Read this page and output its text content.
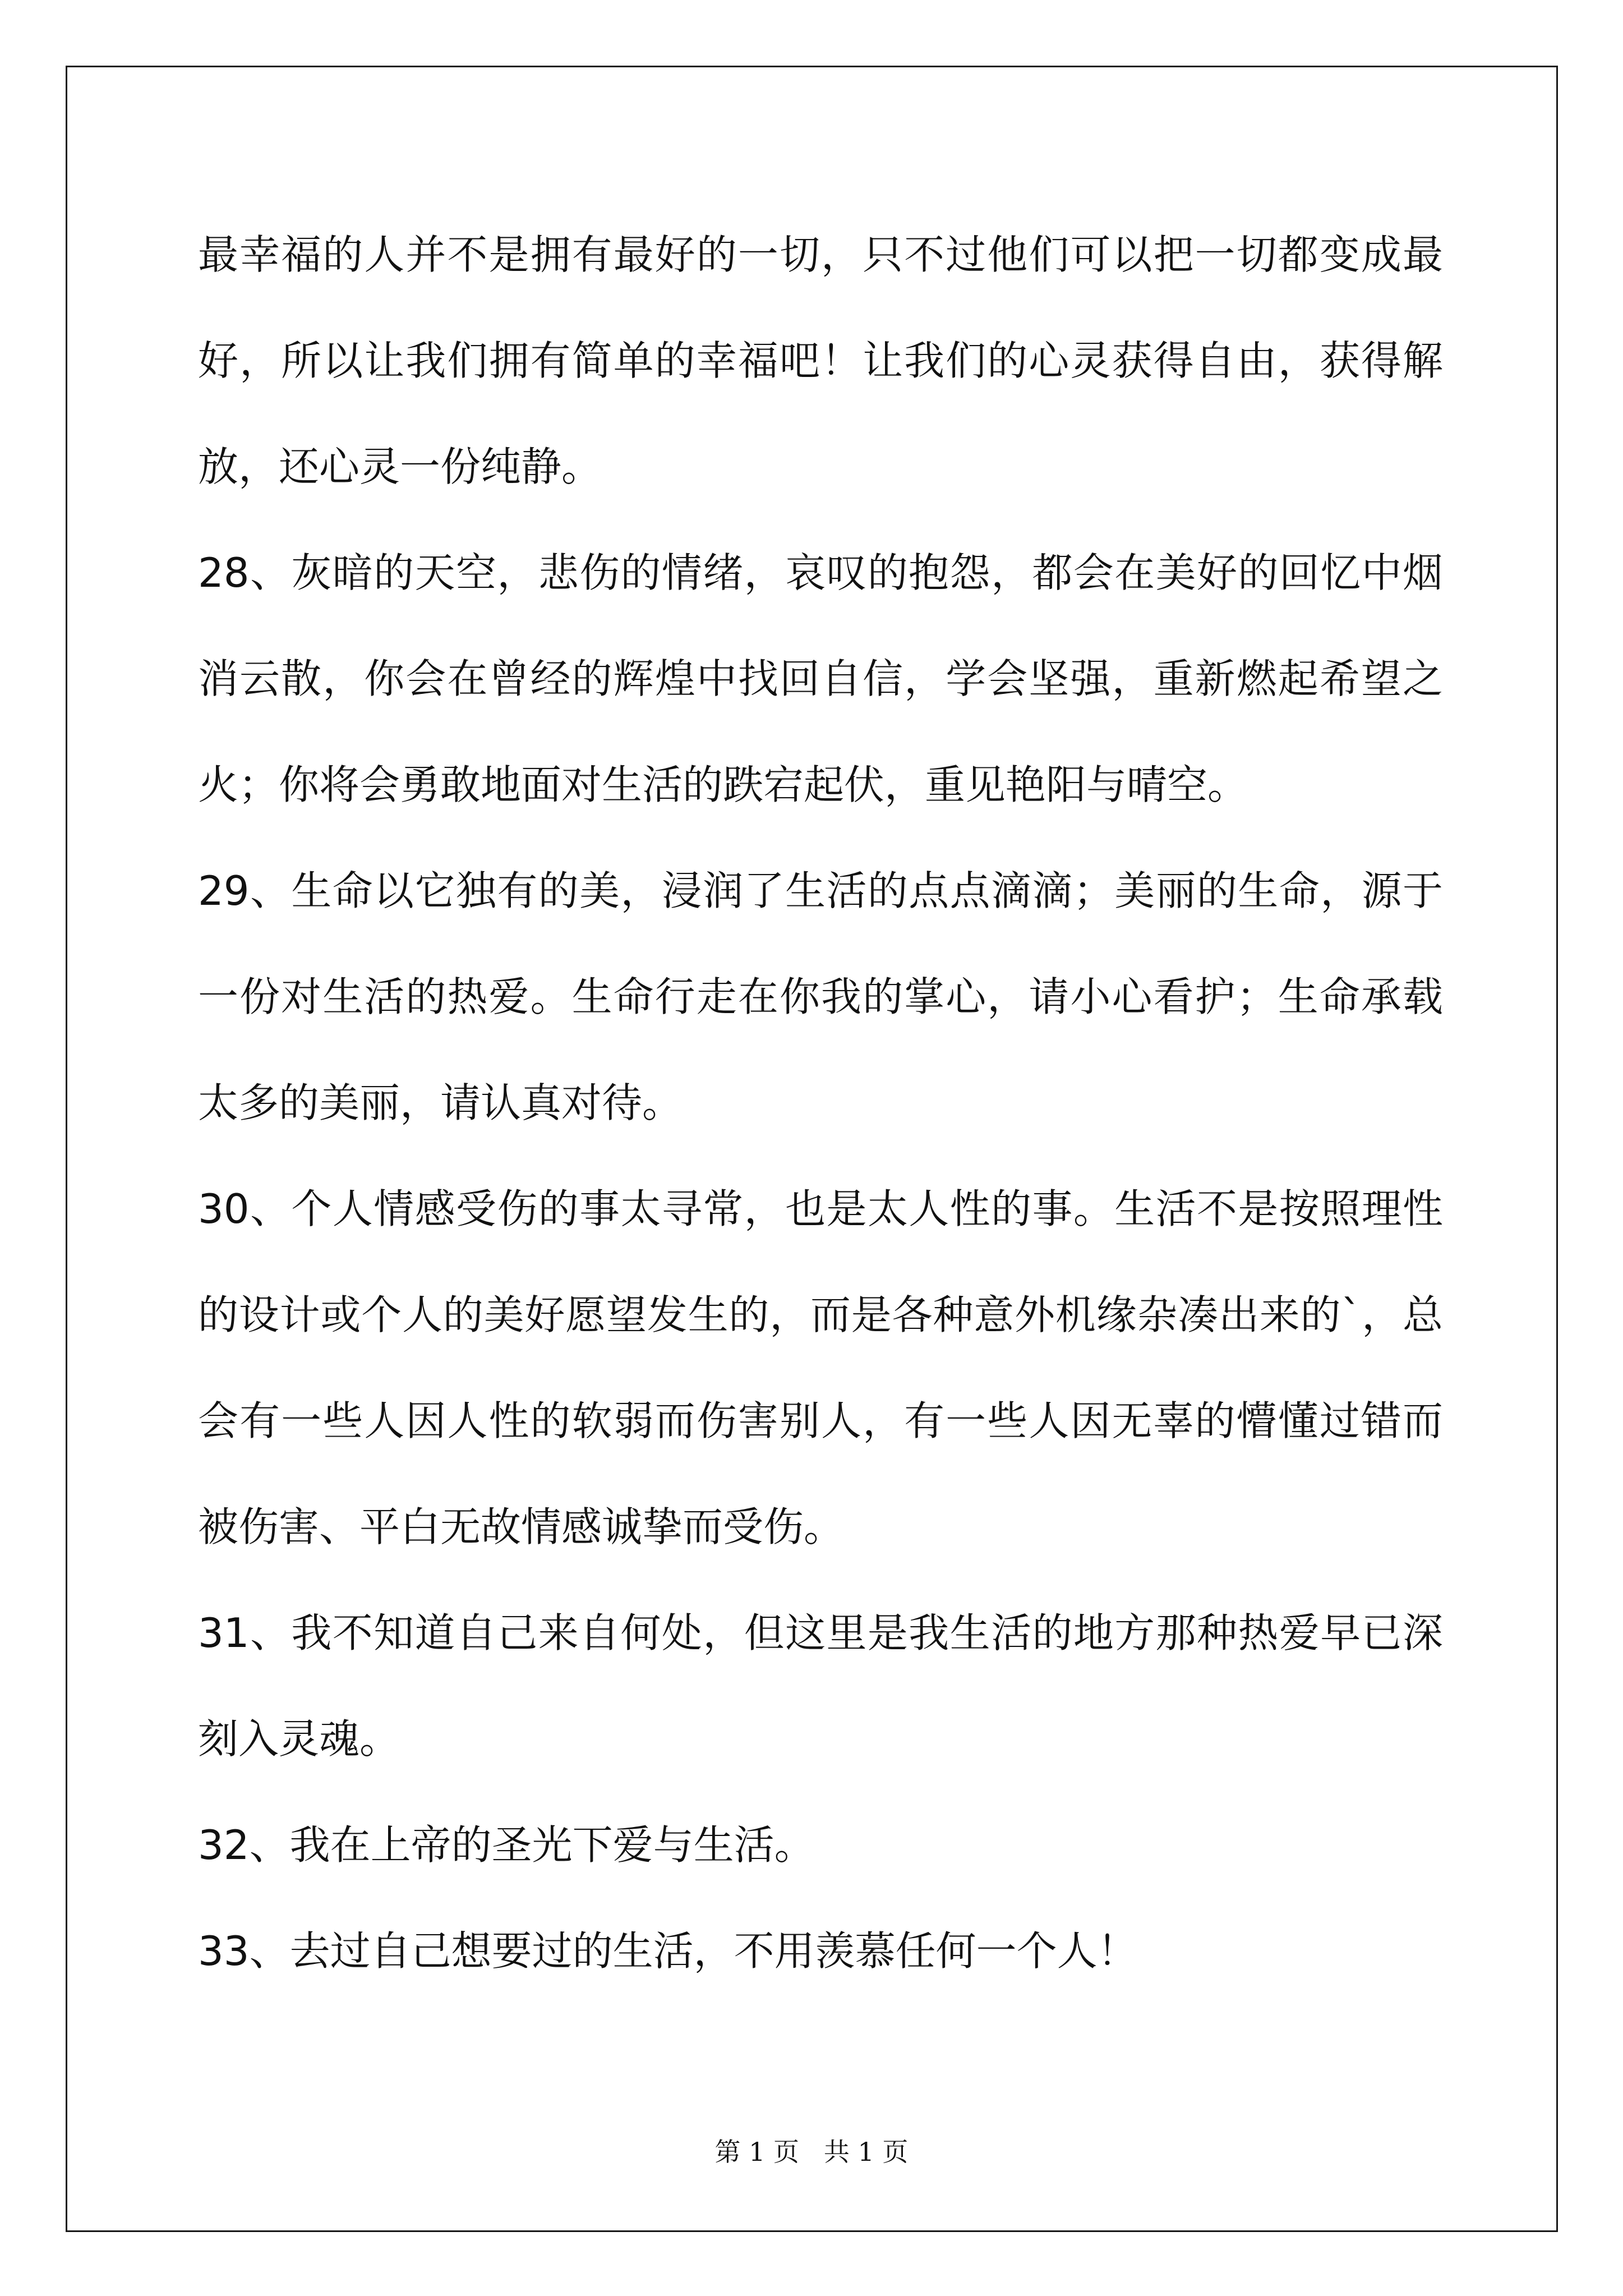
最幸福的人并不是拥有最好的一切，只不过他们可以把一切都变成最好，所以让我们拥有简单的幸福吧！让我们的心灵获得自由，获得解放，还心灵一份纯静。

28、灰暗的天空，悲伤的情绪，哀叹的抱怨，都会在美好的回忆中烟消云散，你会在曾经的辉煌中找回自信，学会坚强，重新燃起希望之火；你将会勇敢地面对生活的跌宕起伏，重见艳阳与晴空。

29、生命以它独有的美，浸润了生活的点点滴滴；美丽的生命，源于一份对生活的热爱。生命行走在你我的掌心，请小心看护；生命承载太多的美丽，请认真对待。

30、个人情感受伤的事太寻常，也是太人性的事。生活不是按照理性的设计或个人的美好愿望发生的，而是各种意外机缘杂凑出来的`，总会有一些人因人性的软弱而伤害别人，有一些人因无辜的懵懂过错而被伤害、平白无故情感诚挚而受伤。

31、我不知道自己来自何处，但这里是我生活的地方那种热爱早已深刻入灵魂。

32、我在上帝的圣光下爱与生活。

33、去过自己想要过的生活，不用羡慕任何一个人！

第 1 页   共 1 页
